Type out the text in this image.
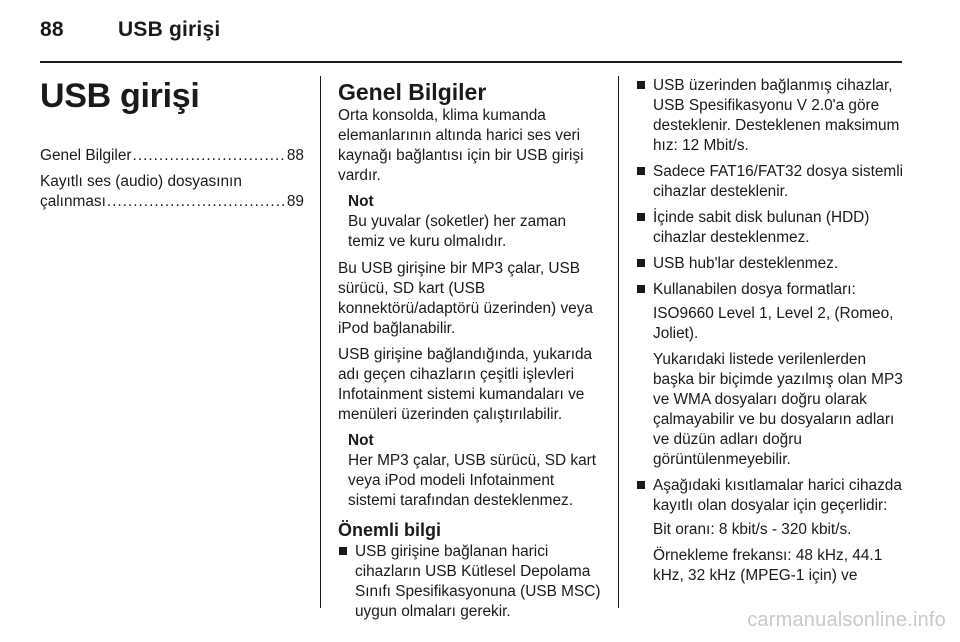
88	USB girişi
USB girişi
Genel Bilgiler .....	88
Kayıtlı ses (audio) dosyasının
çalınması .....	89
Genel Bilgiler

Orta konsolda, klima kumanda elemanlarının altında harici ses veri kaynağı bağlantısı için bir USB girişi vardır.

Not
Bu yuvalar (soketler) her zaman temiz ve kuru olmalıdır.

Bu USB girişine bir MP3 çalar, USB sürücü, SD kart (USB konnektörü/adaptörü üzerinden) veya iPod bağlanabilir.

USB girişine bağlandığında, yukarıda adı geçen cihazların çeşitli işlevleri Infotainment sistemi kumandaları ve menüleri üzerinden çalıştırılabilir.

Not
Her MP3 çalar, USB sürücü, SD kart veya iPod modeli Infotainment sistemi tarafından desteklenmez.
Önemli bilgi
USB girişine bağlanan harici cihazların USB Kütlesel Depolama Sınıfı Spesifikasyonuna (USB MSC) uygun olmaları gerekir.
USB üzerinden bağlanmış cihazlar, USB Spesifikasyonu V 2.0'a göre desteklenir. Desteklenen maksimum hız: 12 Mbit/s.
Sadece FAT16/FAT32 dosya sistemli cihazlar desteklenir.
İçinde sabit disk bulunan (HDD) cihazlar desteklenmez.
USB hub'lar desteklenmez.
Kullanabilen dosya formatları:
ISO9660 Level 1, Level 2, (Romeo, Joliet).
Yukarıdaki listede verilenlerden başka bir biçimde yazılmış olan MP3 ve WMA dosyaları doğru olarak çalmayabilir ve bu dosyaların adları ve düzün adları doğru görüntülenmeyebilir.
Aşağıdaki kısıtlamalar harici cihazda kayıtlı olan dosyalar için geçerlidir:
Bit oranı: 8 kbit/s - 320 kbit/s.
Örnekleme frekansı: 48 kHz, 44.1 kHz, 32 kHz (MPEG-1 için) ve
carmanualsonline.info
